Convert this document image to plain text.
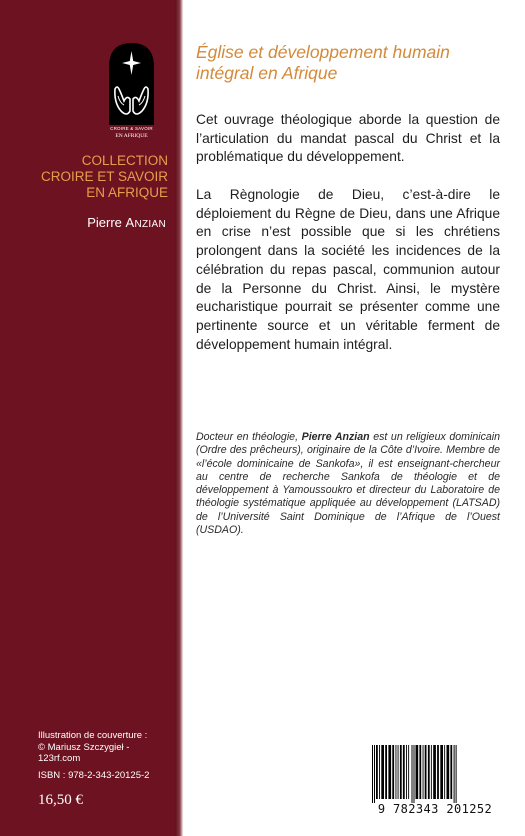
CROIRE & SAVOIR
EN AFRIQUE
COLLECTION
CROIRE ET SAVOIR
EN AFRIQUE
Pierre ANZIAN
Église et développement humain
intégral en Afrique
Cet ouvrage théologique aborde la question de l’articulation du mandat pascal du Christ et la problématique du développement.
La Règnologie de Dieu, c’est-à-dire le déploiement du Règne de Dieu, dans une Afrique en crise n’est possible que si les chrétiens prolongent dans la société les incidences de la célébration du repas pascal, communion autour de la Personne du Christ. Ainsi, le mystère eucharistique pourrait se présenter comme une pertinente source et un véritable ferment de développement humain intégral.
Docteur en théologie, Pierre Anzian est un religieux dominicain (Ordre des prêcheurs), originaire de la Côte d’Ivoire. Membre de «l’école dominicaine de Sankofa», il est enseignant-chercheur au centre de recherche Sankofa de théologie et de développement à Yamoussoukro et directeur du Laboratoire de théologie systématique appliquée au développement (LATSAD) de l’Université Saint Dominique de l’Afrique de l’Ouest (USDAO).
Illustration de couverture :
© Mariusz Szczygieł -
123rf.com
ISBN : 978-2-343-20125-2
16,50 €
9 782343 201252
